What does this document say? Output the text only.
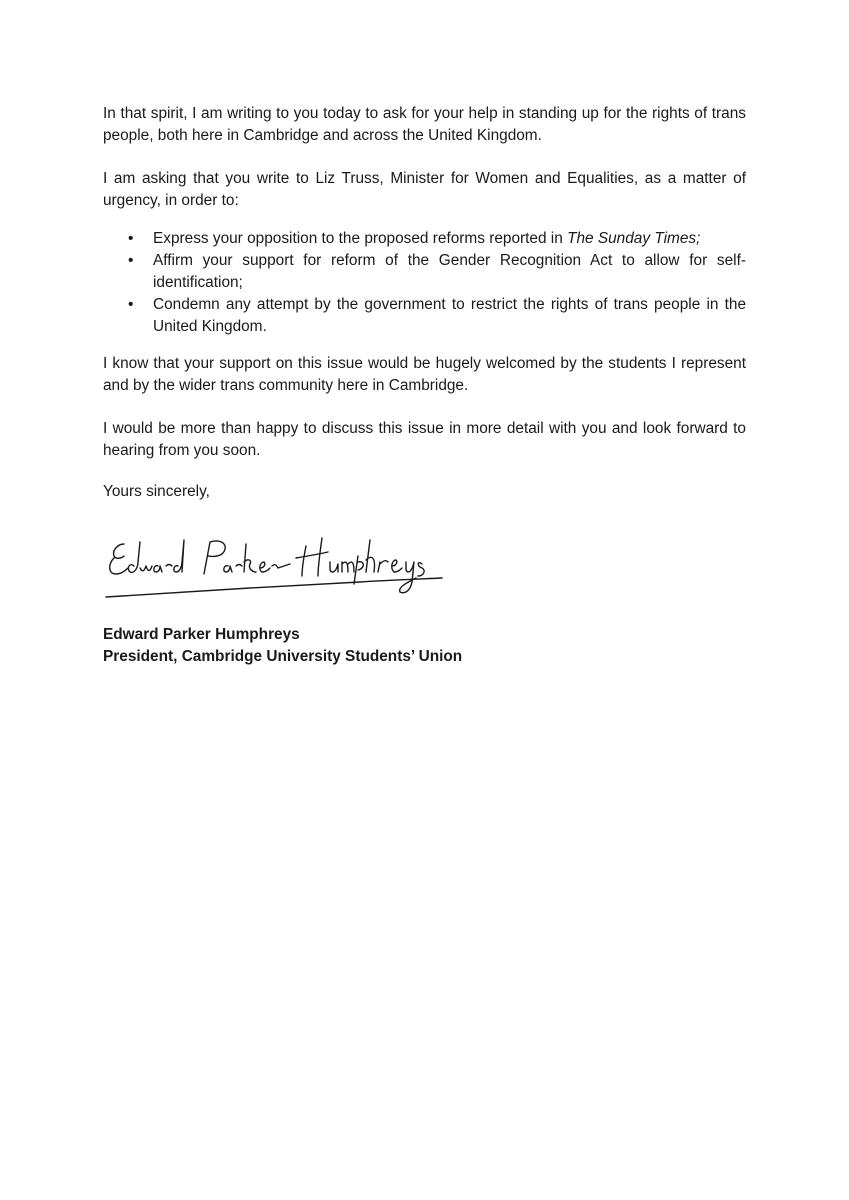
In that spirit, I am writing to you today to ask for your help in standing up for the rights of trans people, both here in Cambridge and across the United Kingdom.

I am asking that you write to Liz Truss, Minister for Women and Equalities, as a matter of urgency, in order to:

• Express your opposition to the proposed reforms reported in The Sunday Times;
• Affirm your support for reform of the Gender Recognition Act to allow for self-identification;
• Condemn any attempt by the government to restrict the rights of trans people in the United Kingdom.

I know that your support on this issue would be hugely welcomed by the students I represent and by the wider trans community here in Cambridge.

I would be more than happy to discuss this issue in more detail with you and look forward to hearing from you soon.

Yours sincerely,

Edward Parker Humphreys
President, Cambridge University Students’ Union
